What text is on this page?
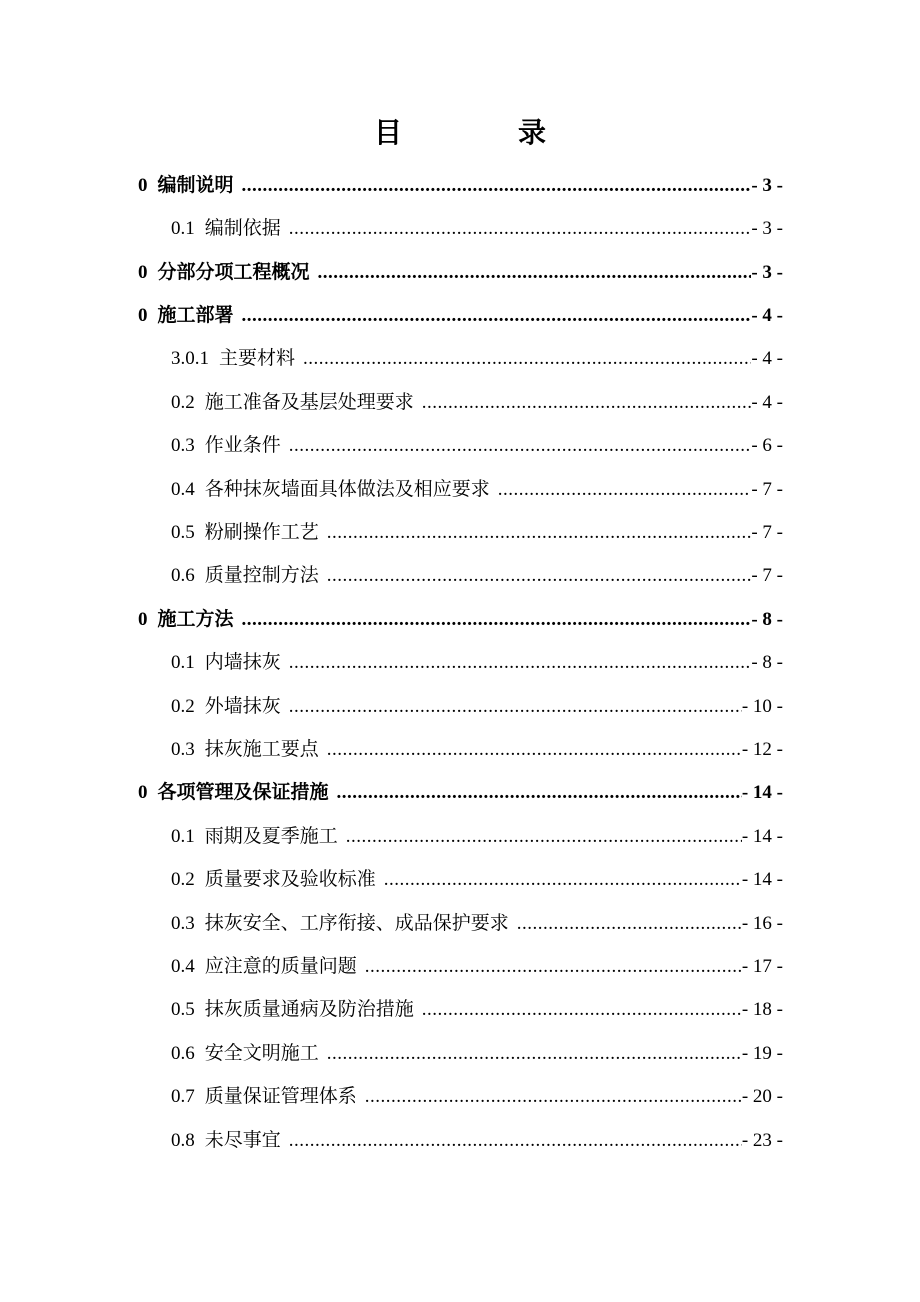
目　录
0 编制说明 .....	- 3 -
0.1 编制依据 .....	- 3 -
0 分部分项工程概况 .....	- 3 -
0 施工部署 .....	- 4 -
3.0.1 主要材料 .....	- 4 -
0.2 施工准备及基层处理要求 .....	- 4 -
0.3 作业条件 .....	- 6 -
0.4 各种抹灰墙面具体做法及相应要求 .....	- 7 -
0.5 粉刷操作工艺 .....	- 7 -
0.6 质量控制方法 .....	- 7 -
0 施工方法 .....	- 8 -
0.1 内墙抹灰 .....	- 8 -
0.2 外墙抹灰 .....	- 10 -
0.3 抹灰施工要点 .....	- 12 -
0 各项管理及保证措施 .....	- 14 -
0.1 雨期及夏季施工 .....	- 14 -
0.2 质量要求及验收标准 .....	- 14 -
0.3 抹灰安全、工序衔接、成品保护要求 .....	- 16 -
0.4 应注意的质量问题 .....	- 17 -
0.5 抹灰质量通病及防治措施 .....	- 18 -
0.6 安全文明施工 .....	- 19 -
0.7 质量保证管理体系 .....	- 20 -
0.8 未尽事宜 .....	- 23 -
